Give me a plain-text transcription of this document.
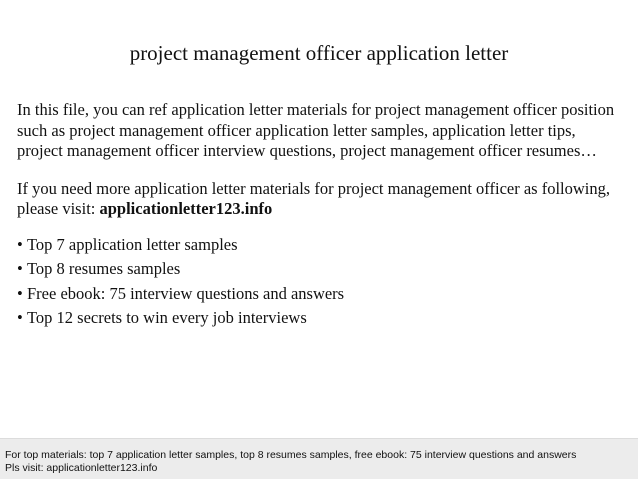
project management officer application letter

In this file, you can ref application letter materials for project management officer position such as project management officer application letter samples, application letter tips, project management officer interview questions, project management officer resumes…

If you need more application letter materials for project management officer as following, please visit: applicationletter123.info

• Top 7 application letter samples
• Top 8 resumes samples
• Free ebook: 75 interview questions and answers
• Top 12 secrets to win every job interviews
For top materials: top 7 application letter samples, top 8 resumes samples, free ebook: 75 interview questions and answers
Pls visit: applicationletter123.info
